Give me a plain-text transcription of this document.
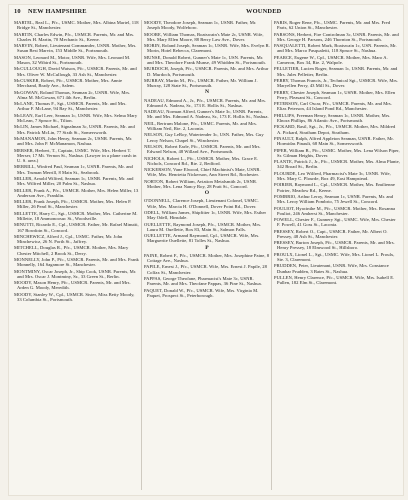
10 NEW HAMPSHIRE	WOUNDED
MARTEL, Real L., Pfc., USMC. Mother, Mrs. Albina Martel, 118 Bridge St., Manchester.
MARTIN, Charles Edwin, Pfc., USMCR. Parents, Mr. and Mrs. Charles H. Martin, 70 Mechanic St., Keene.
MARVIN, Robert, Lieutenant Commander, USNR. Mother, Mrs. Susan Best Marvin, 153 Middle St., Portsmouth.
MASON, Leonard M., Motor, USNR. Wife, Mrs. Leonard M. Mason, 32 Wibird St., Portsmouth.
McCULLOUGH, David Watson, Pfc., USMCR. Parents, Mr. and Mrs. Oliver W. McCullough, 33 Ash St., Manchester.
McCUSKER, Robert, Pfc., USMCR. Mother, Mrs. Annie Merchand, Brady Ave., Salem.
McGOWAN, Roland Thomas, Seaman 2c, USNR. Wife, Mrs. Alma M. McGowan, 671 4th Ave., Berlin.
McLANE, Thomas F., Sgt., USMCR. Parents, Mr. and Mrs. Arthur F. McLane, 94 Bay St., Manchester.
McLEAN, Earl Leer, Seaman 1c, USNR. Wife, Mrs. Selma Mary McLean, 7 Spruce St., Tilton.
McLIN, James Michael, Signalman 3c, USNR. Parents, Mr. and Mrs. Patrick McLin, 77 Sixth St., Somersworth.
McMANAMON, John Henry, Seaman 2c, USNR. Parents, Mr. and Mrs. John P. McManamon, Nashua.
MERSER, Herbert, T., Captain, USMC. Wife, Mrs. Herbert T. Merser, 17 Mt. Vernon St., Nashua. (Lawyer in a plane crash in U. S. area.)
MERRILL, Winfred Paul, Seaman 1c, USNR. Parents, Mr. and Mrs. Truman Merrill, 8 Main St., Seabrook.
MILLER, Arnold Wilfred, Seaman 1c, USNR. Parents, Mr. and Mrs. Wilfred Miller, 20 Palm St., Nashua.
MILLER, Frank A., Pfc., USMCR. Mother, Mrs. Helen Miller, 13 Anderson Ave., Franklin.
MILLER, Frank Joseph, Pfc., USMCR. Mother, Mrs. Helen P. Miller, 26 Pearl St., Manchester.
MILLETTE, Harry C., Sgt., USMCR. Mother, Mrs. Catherine M. Millette, 18 Ammonoosuc St., Woodsville.
MINUTTI, Ricardo E., Cpl., USMCR. Father, Mr. Rafael Minutti, 167 Bowdoin St., Concord.
MINCHEWICZ, Alfred J., Cpl., USMC. Father, Mr. John Minchewicz, 26 N. Porth St., Jaffrey.
MITCHELL, Douglas R., Pfc., USMCR. Mother, Mrs. Mary Chester Mitchell, 2 Brook St., Derry.
MONNELLY, John P., Pfc., USMCR. Parents, Mr. and Mrs. Frank Monnelly, 164 Sagamore St., Manchester.
MONTMINY, Oscar Joseph, Jr., Ship Cook, USNR. Parents, Mr. and Mrs. Oscar J. Montminy, Sr., 33 Green St., Berlin.
MOODY, Mason Henry, Pfc., USMCR. Parents, Mr. and Mrs. Arden G. Moody, Meredith.
MOODY, Stanley W., Cpl., USMCR. Sister, Miss Betty Moody, 33 Columbia St., Portsmouth.
MOODY, Theodore Joseph, Seaman 1c, USNR. Father, Mr. Joseph Moody, Wolfeboro.
MOORE, William Thomas, Boatswain's Mate 2c, USNR. Wife, Mrs. Mary Ellen Moore, 88 Berry Law Ave., Dover.
MORIN, Roland Joseph, Seaman 1c, USNR. Wife, Mrs. Evelyn R. Morin, Hotel Rebecca, Claremont.
MUNSE, Donald Robert, Gunner's Mate 1c, USN. Parents, Mr. and Mrs. Theodore Frank Munse, 49 Whidden St., Portsmouth.
MURDOCH, Joseph, Pfc., USMCR. Parents, Mr. and Mrs. Arthur D. Murdoch, Portsmouth.
MURRAY, Martin M., Pfc., USMCR. Father, Mr. William J. Murray, 128 State St., Portsmouth.
N
NADEAU, Edmond A., Jr., Pfc., USMCR. Parents, Mr. and Mrs. Edmond A. Nadeau, Sr., 173 E. Hollis St., Nashua.
NADEAU, Norman Alfred, Gunner's Mate 3c, USNR. Parents, Mr. and Mrs. Edmond A. Nadeau, Sr., 173 E. Hollis St., Nashua.
NEIL, Bertrum Malone, Pfc., USMC. Parents, Mr. and Mrs. William Neil, Rte. 2, Laconia.
NELSON, Guy LeRoy, Watertender 3c, USN. Father, Mrs. Guy Leroy Nelson, Chapel St., Winchester.
NELSON, Robert Earle, Pfc., USMCR. Parents, Mr. and Mrs. Edward Nelson, 48 Willard Ave., Portsmouth.
NICHOLS, Robert L., Pfc., USMCR. Mother, Mrs. Grace E. Nichols, Concord Rd., Rte. 2, Bedford.
NICKERSON, Vane Elwood, Chief Machinist's Mate, USNR. Wife, Mrs. Henrietta Nickerson, Ann Street Rd., Rochester.
NORTON, Robert William, Aviation Metalsmith 2c, USNR. Mother, Mrs. Lena Nancy Roy, 28 Pratt St., Concord.
O
O'DONNELL, Clarence Joseph, Lieutenant Colonel, USMC. Wife, Mrs. Marcia H. O'Donnell, Dover Point Rd., Dover.
ODELL, William James, Shipfitter 1c, USNR. Wife, Mrs. Esther May Odell, Hinsdale.
OUELLETTE, Raymond Joseph, Pfc., USMCR. Mother, Mrs. Laura M. Ouellette, Box 83, Main St., Salmon Falls.
OUELLETTE, Armand Raymond, Cpl., USMCR. Wife, Mrs. Marguerite Ouellette, 81 Tolles St., Nashua.
P
PAINE, Robert F., Pfc., USMCR. Mother, Mrs. Josephine Paine, 8 Cottage Ave., Nashua.
PAPILE, Ernest J., Pfc., USMCR. Wife, Mrs. Ernest J. Papile, 28 Colfax St., Manchester.
PAPPAS, George Theofane, Pharmacist's Mate 3c, USNR. Parents, Mr. and Mrs. Theofane Pappas, 36 Pine St., Nashua.
PAQUET, Donald W., Pfc., USMCR. Wife, Mrs. Virginia M. Paquet, Prospect St., Peterborough.
PARIS, Roger Rene, Pfc., USMC. Parents, Mr. and Mrs. Fred Paris, 62 Union St., Manchester.
PARSONS, Herbert, Fire Controlman 3c, USNR. Parents, Mr. and Mrs. George H. Parsons, 246 Thornton St., Portsmouth.
PASQUALETTI, Robert Mark, Boatswain 1c, USN. Parents, Mr. and Mrs. Marco Pasqualetti, 118 Spruce St., Nashua.
PEARCE, Eugene W., Cpl., USMCR. Mother, Mrs. Maro A. Cameron, Box 34, Rte. 2, Walpole.
PELLETIER, Lucien Roger, Seaman 1c, USNR. Parents, Mr. and Mrs. Jules Pelletier, Berlin.
PERRY, Thomas Francis, Jr., Technical Sgt., USMCR. Wife, Mrs. Maryellen Perry, 43 Mill St., Dover.
PERRY, Chester Joseph, Seaman 1c, USNR. Mother, Mrs. Ellen Perry, Pleasant St., Concord.
PETERSON, Carl Oscar, Pfc., USMCR. Parents, Mr. and Mrs. Elias Peterson, 44 Island Pond Rd., Manchester.
PHILLIPS, Freeman Henry, Seaman 1c, USNR. Mother, Mrs. Elnora Phillips, 86 Atlantic Ave., Portsmouth.
PICKARD, Basil, Sgt., Jr., Pfc., USMCR. Mother, Mrs. Mildred A. Pickard, Stratham Depot, Stratham.
PINAULT, Ralph, Alfred Appleton Seaman, USNR. Father, Mr. Hormidas Pinault, 68 Main St., Somersworth.
PIPER, William B., Pfc., USMC. Mother, Mrs. Lena Wilson Piper, Sr. Gilman Heights, Dover.
PLANTE, Patrick J., Jr., Pfc., USMCR. Mother, Mrs. Alma Plante, 342 Broad St., Berlin.
PLOURDE, Leo Wilfred, Pharmacist's Mate 3c, USNR. Wife, Mrs. Mary C. Plourde, Box 49, East Hampstead.
POIRIER, Raymond L., Cpl., USMCR. Mother, Mrs. Emilienne Poirier, Meadow Rd., Keene.
POMBRIO, Arthur Leroy, Seaman 1c, USNR. Parents, Mr. and Mrs. Leroy William Pombrio, 75 Jewell St., Concord.
POULIOT, Hyacinthe M., Pfc., USMCR. Mother, Mrs. Rosanna Pouliot, 246 Amherst St., Manchester.
POWELL, Chester F., Gunnery Sgt., USMC. Wife, Mrs. Chester F. Powell, 41 Goss St., Laconia.
PRESSEY, Robert O., Capt., USMCR. Father, Mr. Albert O. Pressey, 48 Ash St., Manchester.
PRESSEY, Burton Joseph, Pfc., USMCR. Parents, Mr. and Mrs. Henry Pressey, 18 Elmwood St., Hillsboro.
PROULX, Lionel L., Sgt., USMC. Wife, Mrs. Lionel L. Proulx, Ste. 3, Claremont.
PRUDDEN, Peter, Lieutenant, USNR. Wife, Mrs. Constance Dunbar Prudden, 3 Bates St., Nashua.
PULLEN, Henry Clarence, Pfc., USMCR. Wife, Mrs. Isabell E. Pullen, 182 Elm St., Claremont.
